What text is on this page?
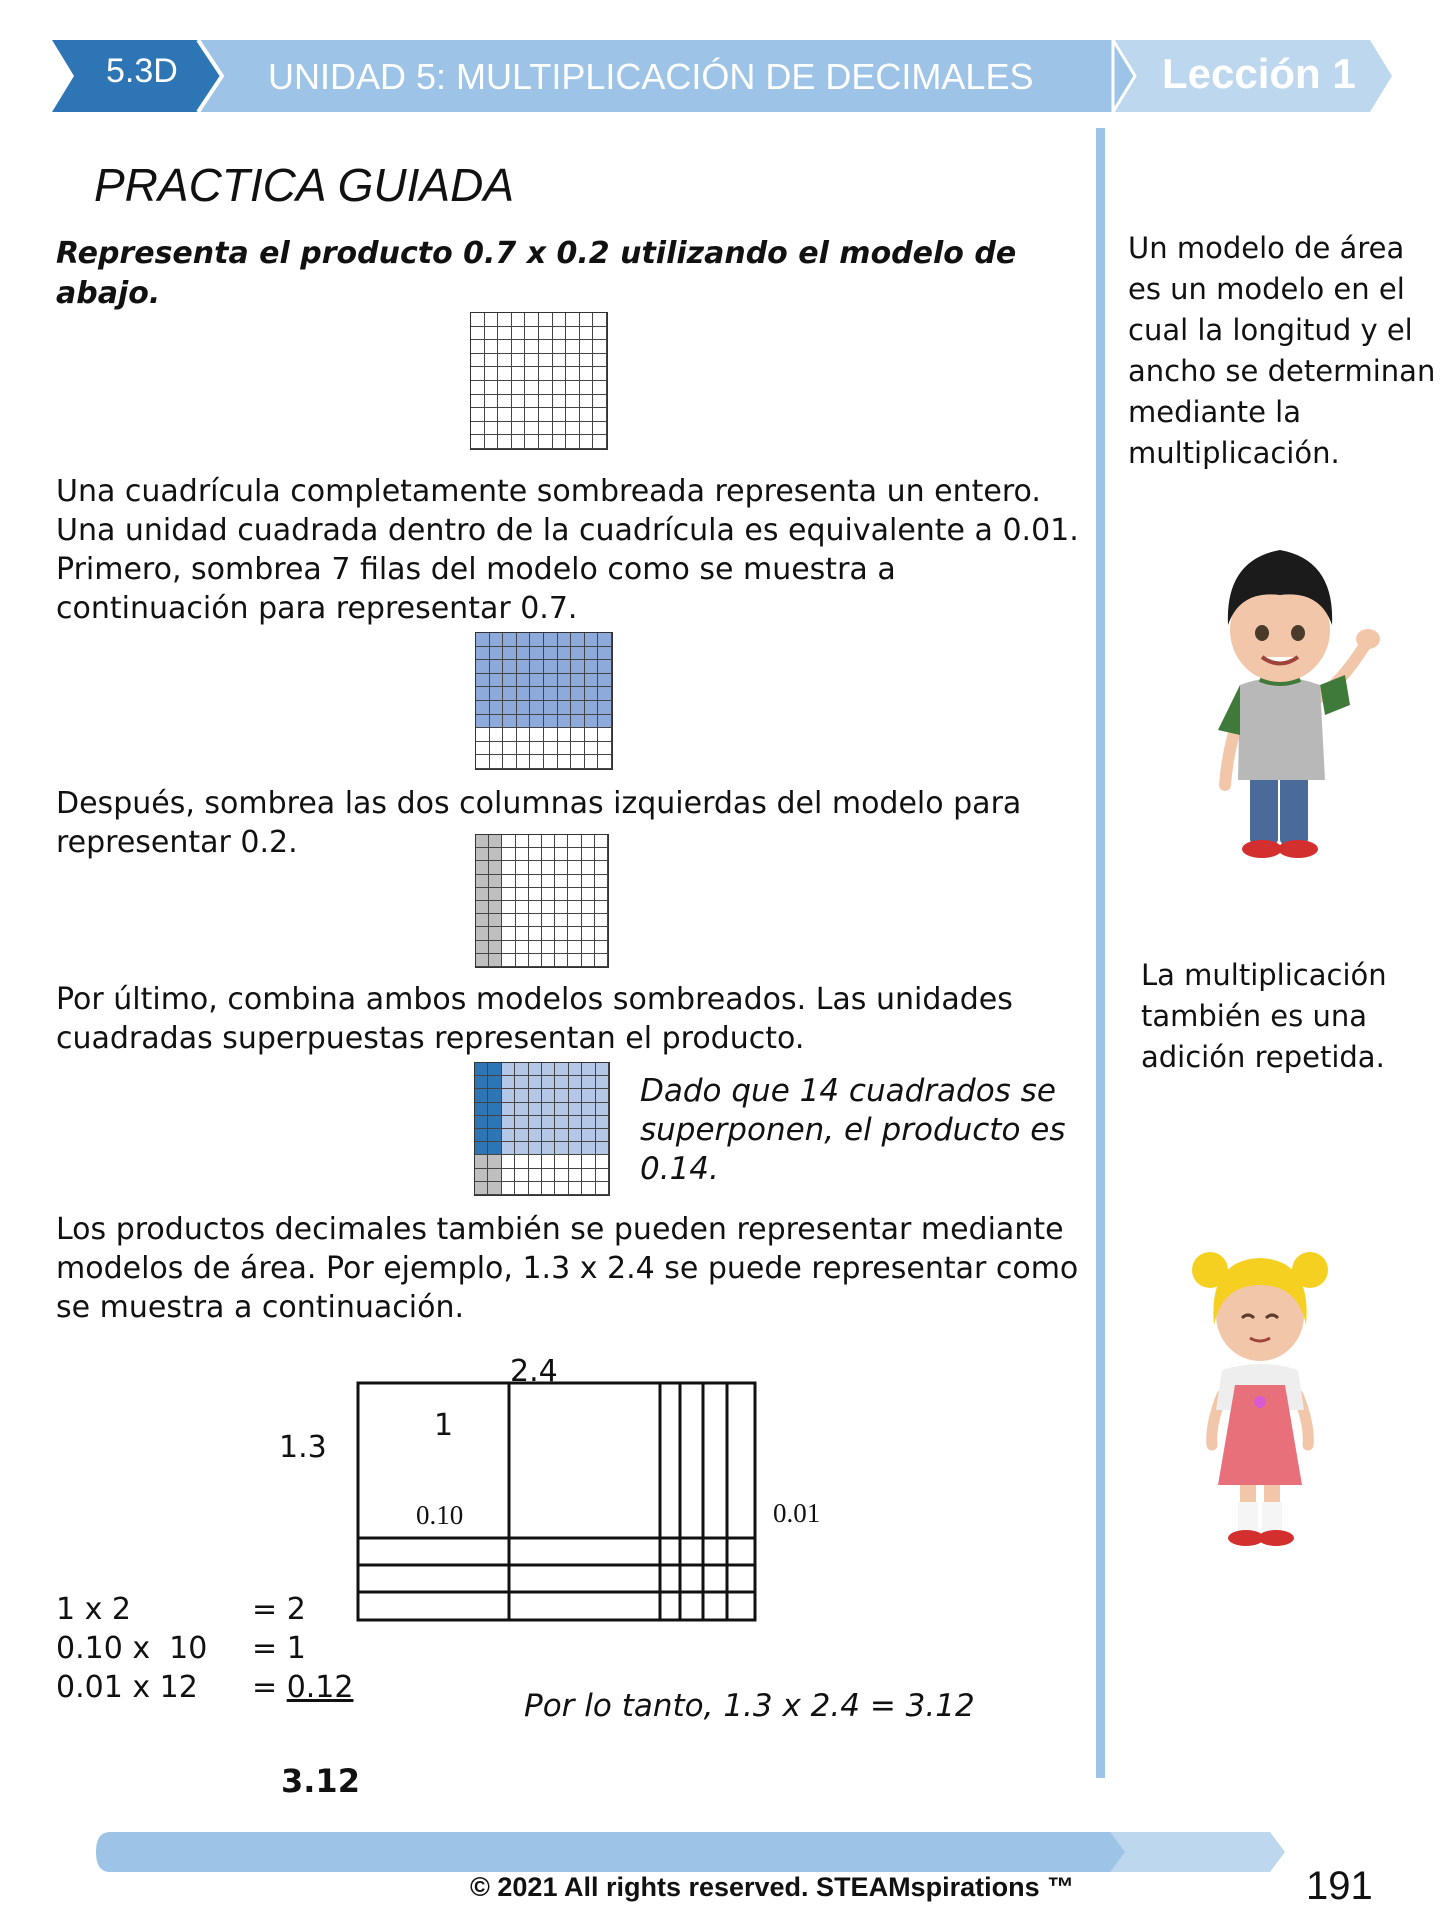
5.3D	UNIDAD 5: MULTIPLICACIÓN DE DECIMALES	Lección 1
PRACTICA GUIADA
Representa el producto 0.7 x 0.2 utilizando el modelo de abajo.
Una cuadrícula completamente sombreada representa un entero. Una unidad cuadrada dentro de la cuadrícula es equivalente a 0.01. Primero, sombrea 7 filas del modelo como se muestra a continuación para representar 0.7.
Después, sombrea las dos columnas izquierdas del modelo para representar 0.2.
Por último, combina ambos modelos sombreados. Las unidades cuadradas superpuestas representan el producto.
Dado que 14 cuadrados se superponen, el producto es 0.14.
Los productos decimales también se pueden representar mediante modelos de área. Por ejemplo, 1.3 x 2.4 se puede representar como se muestra a continuación.
2.4
1.3
1
0.10	0.01
1 x 2	= 2
0.10 x  10 = 1
0.01 x 12 = 0.12
3.12
Por lo tanto, 1.3 x 2.4 = 3.12
Un modelo de área
es un modelo en el
cual la longitud y el
ancho se determinan
mediante la
multiplicación.
La multiplicación
también es una
adición repetida.
© 2021 All rights reserved. STEAMspirations ™	191
